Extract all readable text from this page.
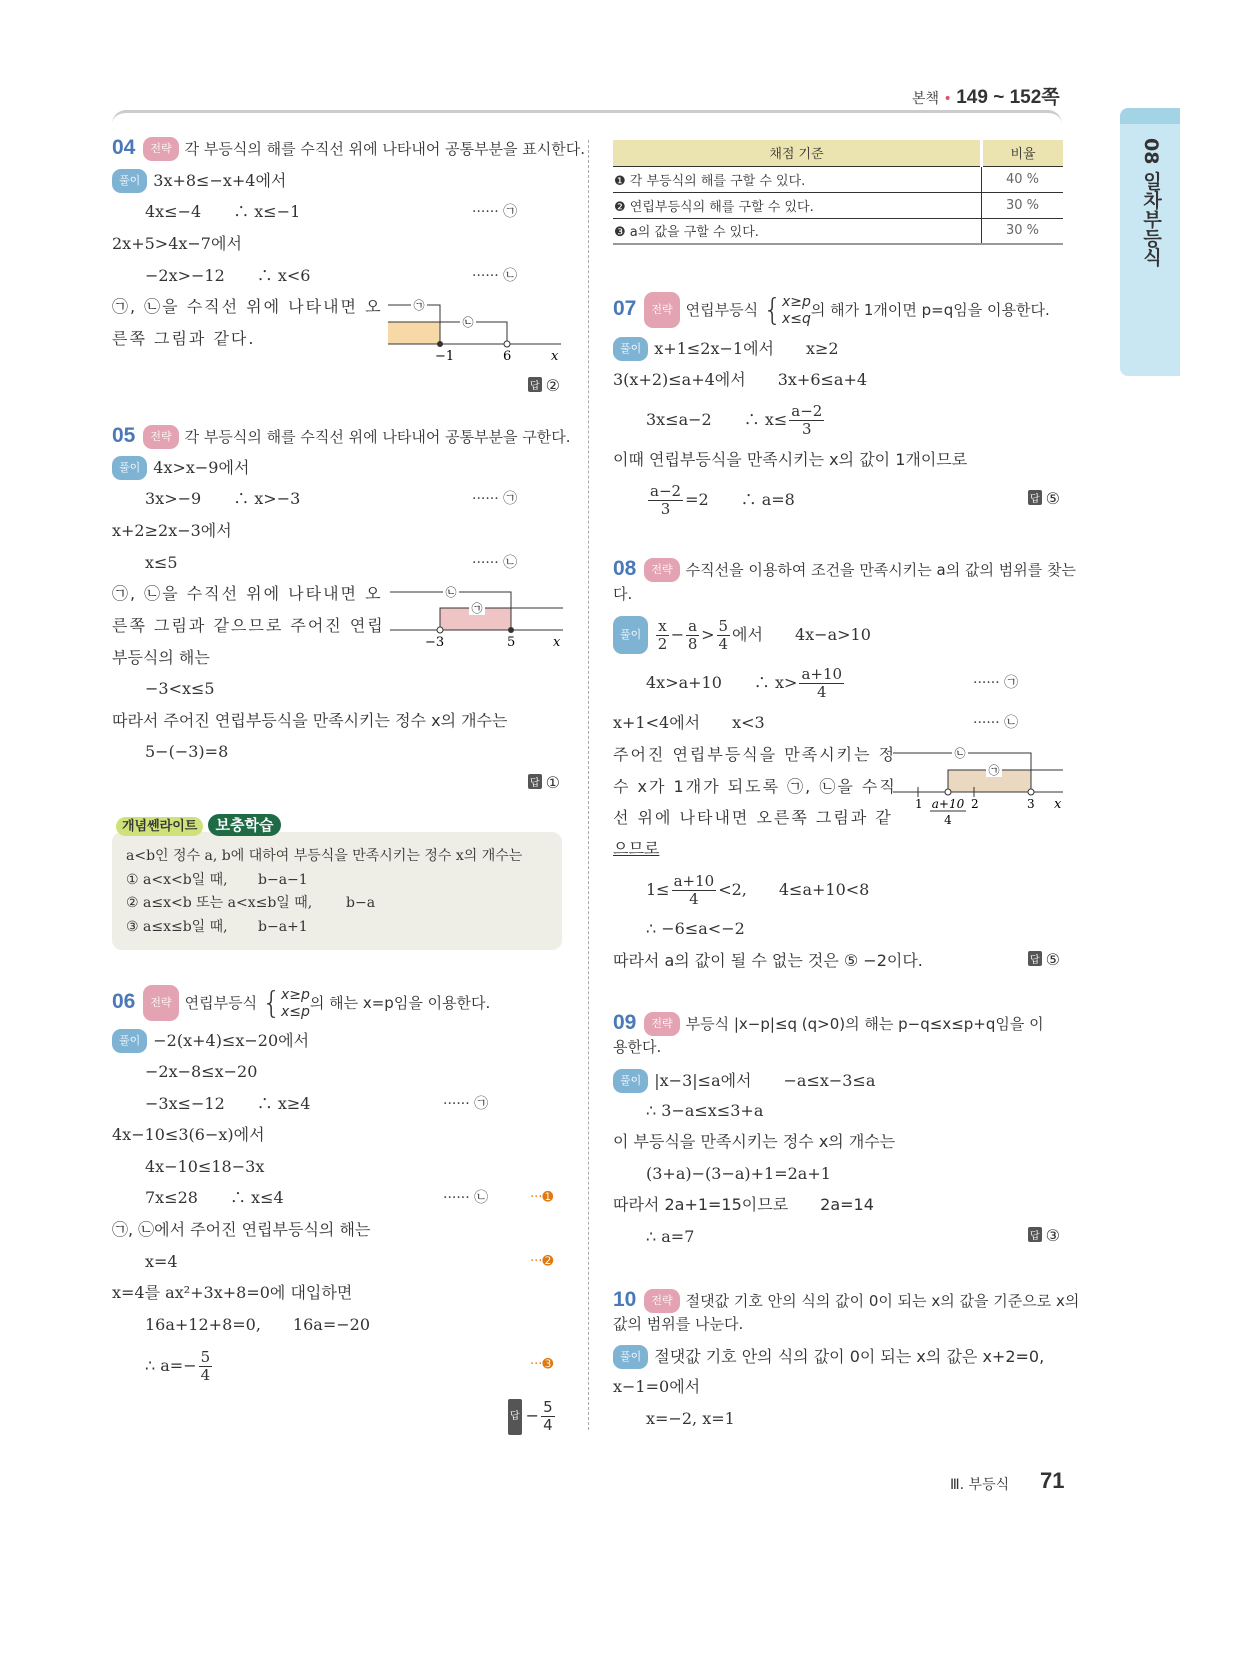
본책 • 149 ~ 152쪽
08 일차부등식
04 전략 각 부등식의 해를 수직선 위에 나타내어 공통부분을 표시한다.
풀이 3x+8≤−x+4에서
4x≤−4　　∴ x≤−1	······ ㉠
2x+5>4x−7에서
−2x>−12　　∴ x<6	······ ㉡
㉠, ㉡을 수직선 위에 나타내면 오
른쪽 그림과 같다.
㉠
㉡
−1	6	x
답 ②
05 전략 각 부등식의 해를 수직선 위에 나타내어 공통부분을 구한다.
풀이 4x>x−9에서
3x>−9　　∴ x>−3	······ ㉠
x+2≥2x−3에서
x≤5	······ ㉡
㉠, ㉡을 수직선 위에 나타내면 오
른쪽 그림과 같으므로 주어진 연립
부등식의 해는
−3<x≤5
따라서 주어진 연립부등식을 만족시키는 정수 x의 개수는
5−(−3)=8
㉡
㉠
−3	5	x
답 ①
개념쎈라이트 보충학습
a<b인 정수 a, b에 대하여 부등식을 만족시키는 정수 x의 개수는
① a<x<b일 때, b−a−1
② a≤x<b 또는 a<x≤b일 때, b−a
③ a≤x≤b일 때, b−a+1
06 전략 연립부등식 { x≥p
x≤p 의 해는 x=p임을 이용한다.
풀이 −2(x+4)≤x−20에서
−2x−8≤x−20
−3x≤−12　　∴ x≥4	······ ㉠
4x−10≤3(6−x)에서
4x−10≤18−3x
7x≤28　　∴ x≤4	······ ㉡	···➊
㉠, ㉡에서 주어진 연립부등식의 해는
x=4	···➋
x=4를 ax²+3x+8=0에 대입하면
16a+12+8=0,　　16a=−20
∴ $a=- \frac{5}{4}$	···➌
답 − $\frac{5}{4}$
채점 기준	비율
❶ 각 부등식의 해를 구할 수 있다.	40 %
❷ 연립부등식의 해를 구할 수 있다.	30 %
❸ a의 값을 구할 수 있다.	30 %
07 전략 연립부등식 { x≥p
x≤q 의 해가 1개이면 p=q임을 이용한다.
풀이 x+1≤2x−1에서　　x≥2
3(x+2)≤a+4에서　　3x+6≤a+4
3x≤a−2　　∴ $x\le \frac{a-2}{3}$
이때 연립부등식을 만족시키는 x의 값이 1개이므로
$\frac{a-2}{3} =2$　　∴ a=8	답 ⑤
08 전략 수직선을 이용하여 조건을 만족시키는 a의 값의 범위를 찾는
다.
풀이 $\frac{x}{2} - \frac{a}{8} > \frac{5}{4}$ 에서　　4x−a>10
4x>a+10　　∴ $x> \frac{a+10}{4}$	······ ㉠
x+1<4에서　　x<3	······ ㉡
주어진 연립부등식을 만족시키는 정
수 x가 1개가 되도록 ㉠, ㉡을 수직
선 위에 나타내면 오른쪽 그림과 같
으므로
㉡
㉠
1 a+10
4
2	3 x
$1\le \frac{a+10}{4} <2$,　　4≤a+10<8
∴ −6≤a<−2
따라서 a의 값이 될 수 없는 것은 ⑤ −2이다.	답 ⑤
09 전략 부등식 |x−p|≤q (q>0)의 해는 p−q≤x≤p+q임을 이
용한다.
풀이 |x−3|≤a에서　　−a≤x−3≤a
∴ 3−a≤x≤3+a
이 부등식을 만족시키는 정수 x의 개수는
(3+a)−(3−a)+1=2a+1
따라서 2a+1=15이므로　　2a=14
∴ a=7	답 ③
10 전략 절댓값 기호 안의 식의 값이 0이 되는 x의 값을 기준으로 x의
값의 범위를 나눈다.
풀이 절댓값 기호 안의 식의 값이 0이 되는 x의 값은 x+2=0,
x−1=0에서
x=−2, x=1
Ⅲ. 부등식 71
